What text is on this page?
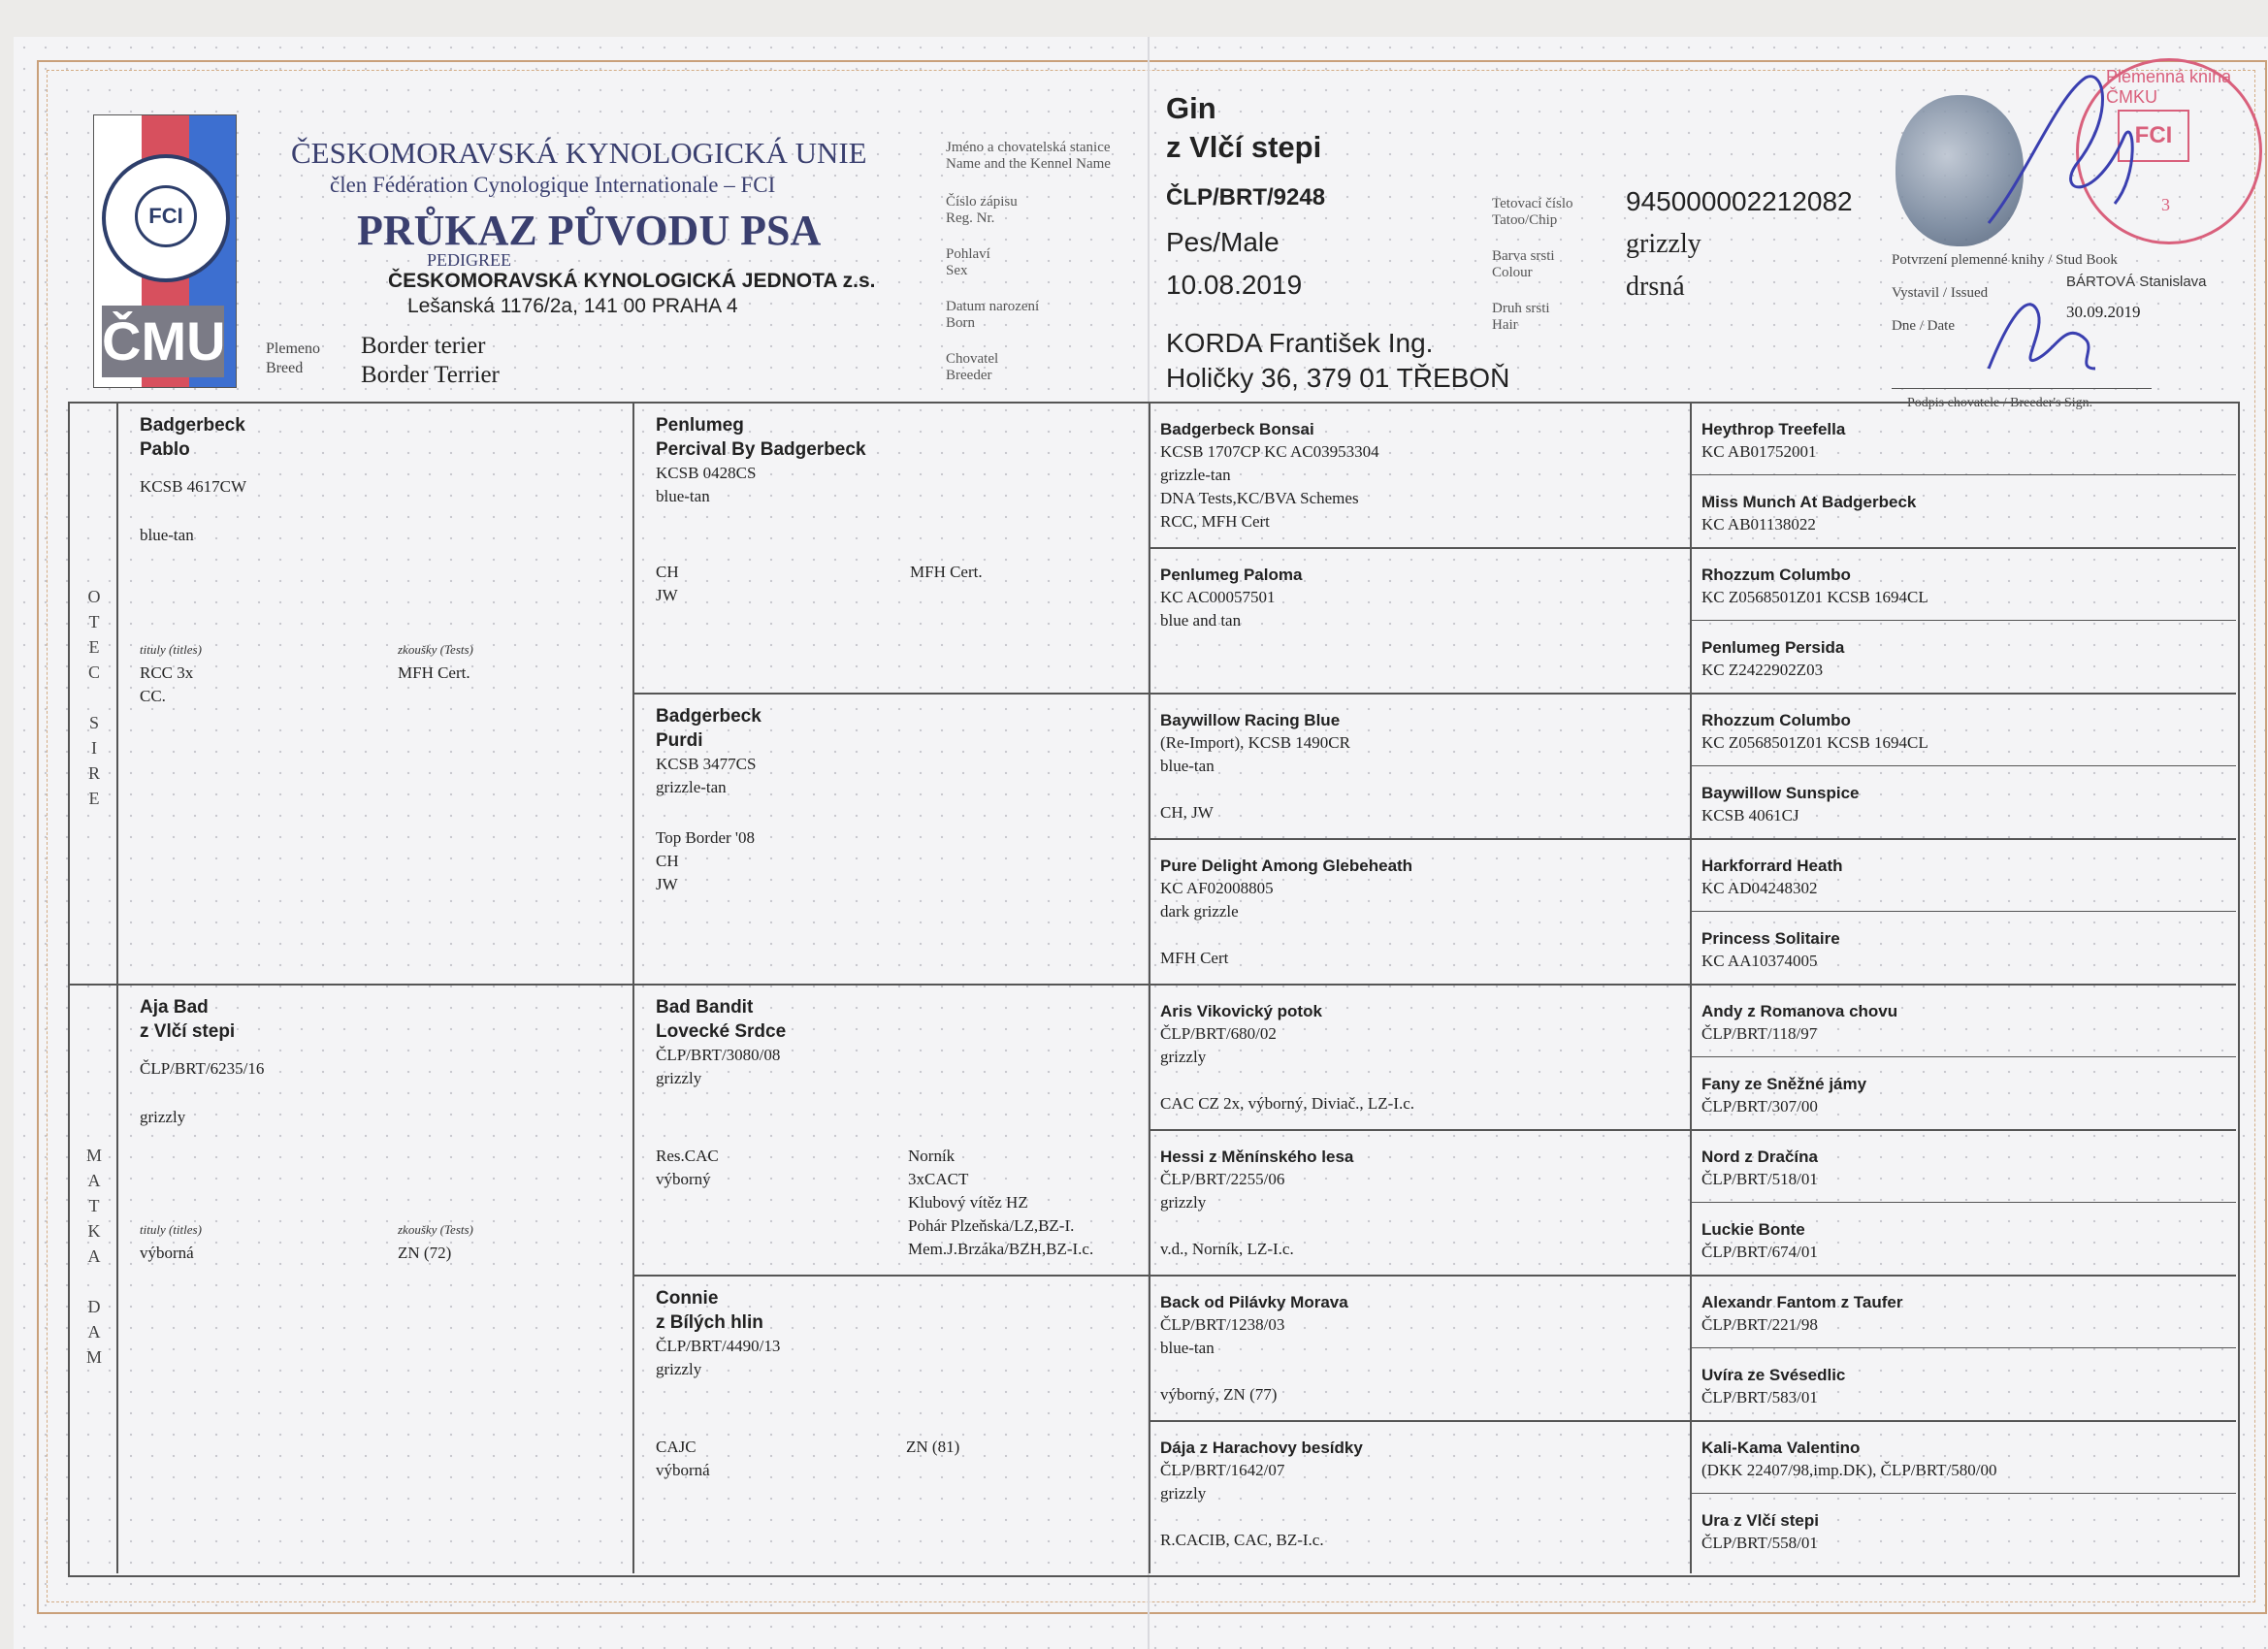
FCI
ČMU
ČESKOMORAVSKÁ KYNOLOGICKÁ UNIE
člen Fédération Cynologique Internationale – FCI
PRŮKAZ PŮVODU PSA
PEDIGREE
ČESKOMORAVSKÁ KYNOLOGICKÁ JEDNOTA z.s.
Lešanská 1176/2a, 141 00 PRAHA 4
Plemeno
Breed
Border terier
Border Terrier
Jméno a chovatelská stanice
Name and the Kennel Name
Číslo zápisu
Reg. Nr.
Pohlaví
Sex
Datum narození
Born
Chovatel
Breeder
Gin
z Vlčí stepi
ČLP/BRT/9248
Pes/Male
10.08.2019
KORDA František Ing.
Holičky 36, 379 01 TŘEBOŇ
Tetovací číslo
Tatoo/Chip
Barva srsti
Colour
Druh srsti
Hair
945000002212082
grizzly
drsná
Plemenná kniha ČMKU
FCI
3
Potvrzení plemenné knihy / Stud Book
Vystavil / Issued
BÁRTOVÁ Stanislava
Dne / Date
30.09.2019
Podpis chovatele / Breeder's Sign.
O
T
E
C
S
I
R
E
M
A
T
K
A
D
A
M
Badgerbeck
Pablo
KCSB 4617CW
blue-tan
tituly (titles)
RCC 3x
CC.
zkoušky (Tests)
MFH Cert.
Aja Bad
z Vlčí stepi
ČLP/BRT/6235/16
grizzly
tituly (titles)
výborná
zkoušky (Tests)
ZN (72)
Penlumeg
Percival By Badgerbeck
KCSB 0428CS
blue-tan
CH
JW
MFH Cert.
Badgerbeck
Purdi
KCSB 3477CS
grizzle-tan
Top Border '08
CH
JW
Bad Bandit
Lovecké Srdce
ČLP/BRT/3080/08
grizzly
Res.CAC
výborný
Norník
3xCACT
Klubový vítěz HZ
Pohár Plzeňska/LZ,BZ-I.
Mem.J.Brzáka/BZH,BZ-I.c.
Connie
z Bílých hlin
ČLP/BRT/4490/13
grizzly
CAJC
výborná
ZN (81)
Badgerbeck Bonsai
KCSB 1707CP KC AC03953304
grizzle-tan
DNA Tests,KC/BVA Schemes
RCC, MFH Cert
Penlumeg Paloma
KC AC00057501
blue and tan
Baywillow Racing Blue
(Re-Import), KCSB 1490CR
blue-tan
CH, JW
Pure Delight Among Glebeheath
KC AF02008805
dark grizzle
MFH Cert
Aris Vikovický potok
ČLP/BRT/680/02
grizzly
CAC CZ 2x, výborný, Diviač., LZ-I.c.
Hessi z Měnínského lesa
ČLP/BRT/2255/06
grizzly
v.d., Norník, LZ-I.c.
Back od Pilávky Morava
ČLP/BRT/1238/03
blue-tan
výborný, ZN (77)
Dája z Harachovy besídky
ČLP/BRT/1642/07
grizzly
R.CACIB, CAC, BZ-I.c.
Heythrop Treefella
KC AB01752001
Miss Munch At Badgerbeck
KC AB01138022
Rhozzum Columbo
KC Z0568501Z01 KCSB 1694CL
Penlumeg Persida
KC Z2422902Z03
Rhozzum Columbo
KC Z0568501Z01 KCSB 1694CL
Baywillow Sunspice
KCSB 4061CJ
Harkforrard Heath
KC AD04248302
Princess Solitaire
KC AA10374005
Andy z Romanova chovu
ČLP/BRT/118/97
Fany ze Sněžné jámy
ČLP/BRT/307/00
Nord z Dračína
ČLP/BRT/518/01
Luckie Bonte
ČLP/BRT/674/01
Alexandr Fantom z Taufer
ČLP/BRT/221/98
Uvíra ze Svésedlic
ČLP/BRT/583/01
Kali-Kama Valentino
(DKK 22407/98,imp.DK), ČLP/BRT/580/00
Ura z Vlčí stepi
ČLP/BRT/558/01
